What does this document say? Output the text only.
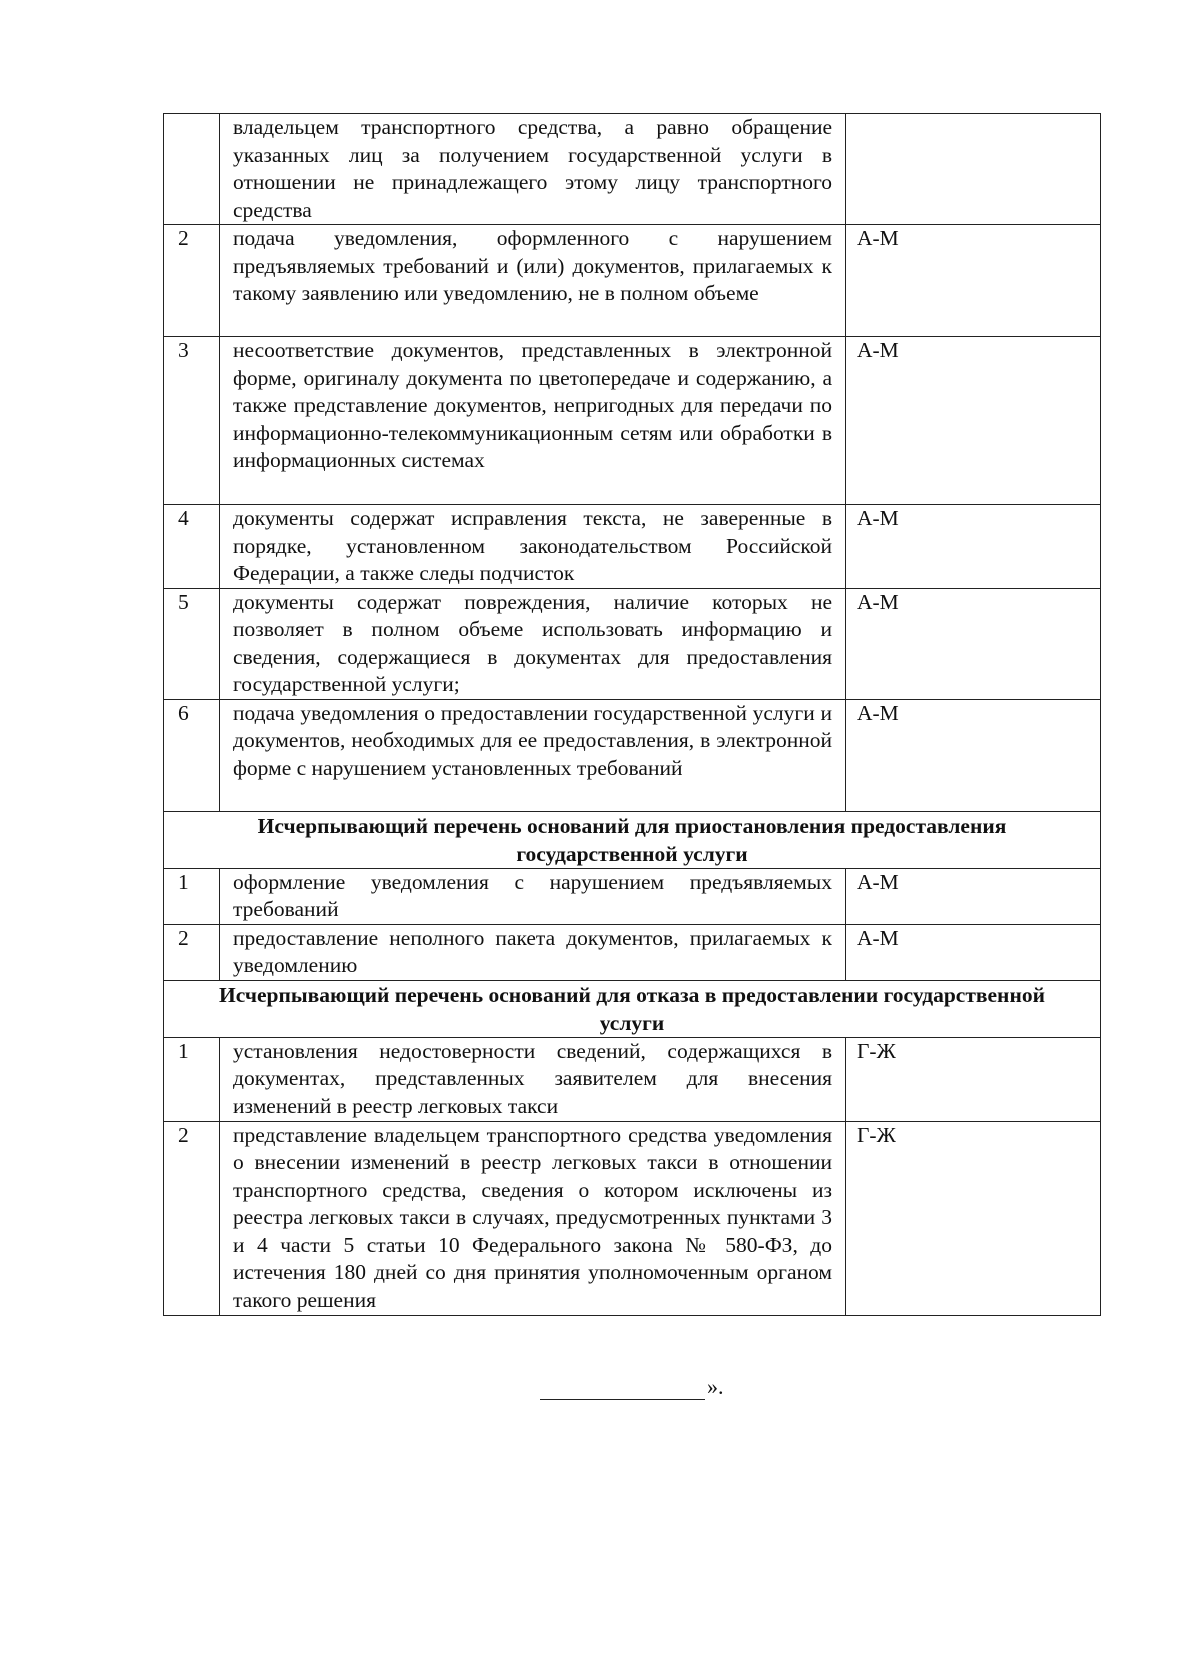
	владельцем транспортного средства, а равно обращение указанных лиц за получением государственной услуги в отношении не принадлежащего этому лицу транспортного средства	
2	подача уведомления, оформленного с нарушением предъявляемых требований и (или) документов, прилагаемых к такому заявлению или уведомлению, не в полном объеме	А-М
3	несоответствие документов, представленных в электронной форме, оригиналу документа по цветопередаче и содержанию, а также представление документов, непригодных для передачи по информационно-телекоммуникационным сетям или обработки в информационных системах	А-М
4	документы содержат исправления текста, не заверенные в порядке, установленном законодательством Российской Федерации, а также следы подчисток	А-М
5	документы содержат повреждения, наличие которых не позволяет в полном объеме использовать информацию и сведения, содержащиеся в документах для предоставления государственной услуги;	А-М
6	подача уведомления о предоставлении государственной услуги и документов, необходимых для ее предоставления, в электронной форме с нарушением установленных требований	А-М
Исчерпывающий перечень оснований для приостановления предоставления государственной услуги		
1	оформление уведомления с нарушением предъявляемых требований	А-М
2	предоставление неполного пакета документов, прилагаемых к уведомлению	А-М
Исчерпывающий перечень оснований для отказа в предоставлении государственной услуги		
1	установления недостоверности сведений, содержащихся в документах, представленных заявителем для внесения изменений в реестр легковых такси	Г-Ж
2	представление владельцем транспортного средства уведомления о внесении изменений в реестр легковых такси в отношении транспортного средства, сведения о котором исключены из реестра легковых такси в случаях, предусмотренных пунктами 3 и 4 части 5 статьи 10 Федерального закона № 580-ФЗ, до истечения 180 дней со дня принятия уполномоченным органом такого решения	Г-Ж
».
